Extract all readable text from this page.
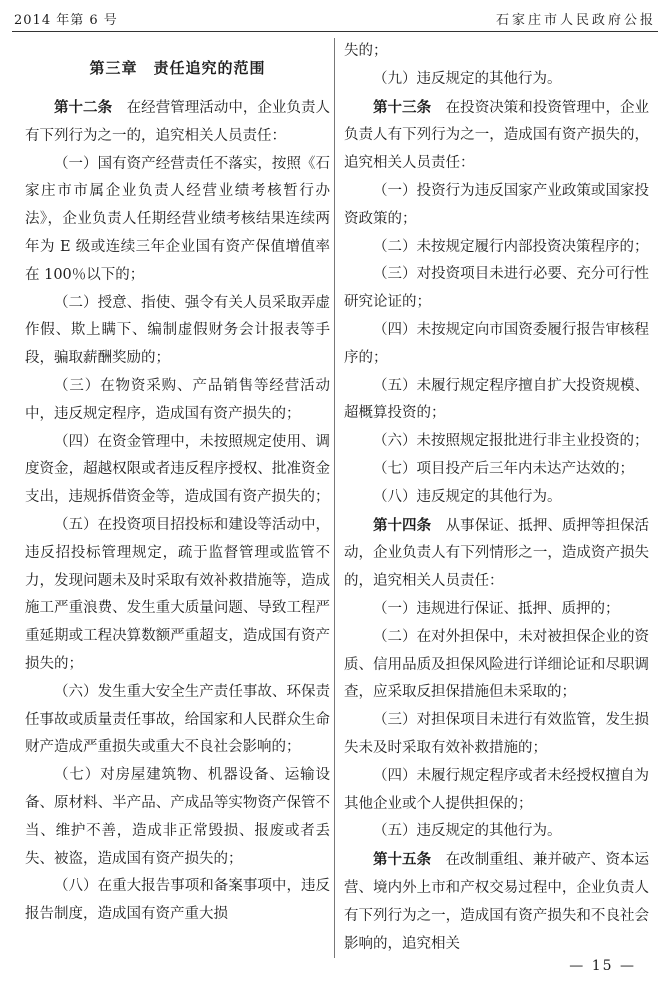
2014 年第 6 号	石家庄市人民政府公报
第三章　责任追究的范围

第十二条　 在经营管理活动中，企业负责人有下列行为之一的，追究相关人员责任：

（一）国有资产经营责任不落实，按照《石家庄市市属企业负责人经营业绩考核暂行办法》，企业负责人任期经营业绩考核结果连续两年为 E 级或连续三年企业国有资产保值增值率在 100％以下的；

（二）授意、指使、强令有关人员采取弄虚作假、欺上瞒下、编制虚假财务会计报表等手段，骗取薪酬奖励的；

（三）在物资采购、产品销售等经营活动中，违反规定程序，造成国有资产损失的；

（四）在资金管理中，未按照规定使用、调度资金，超越权限或者违反程序授权、批准资金支出，违规拆借资金等，造成国有资产损失的；

（五）在投资项目招投标和建设等活动中，违反招投标管理规定，疏于监督管理或监管不力，发现问题未及时采取有效补救措施等，造成施工严重浪费、发生重大质量问题、导致工程严重延期或工程决算数额严重超支，造成国有资产损失的；

（六）发生重大安全生产责任事故、环保责任事故或质量责任事故，给国家和人民群众生命财产造成严重损失或重大不良社会影响的；

（七）对房屋建筑物、机器设备、运输设备、原材料、半产品、产成品等实物资产保管不当、维护不善，造成非正常毁损、报废或者丢失、被盗，造成国有资产损失的；

（八）在重大报告事项和备案事项中，违反报告制度，造成国有资产重大损

失的；

（九）违反规定的其他行为。

第十三条　 在投资决策和投资管理中，企业负责人有下列行为之一，造成国有资产损失的，追究相关人员责任：

（一）投资行为违反国家产业政策或国家投资政策的；

（二）未按规定履行内部投资决策程序的；

（三）对投资项目未进行必要、充分可行性研究论证的；

（四）未按规定向市国资委履行报告审核程序的；

（五）未履行规定程序擅自扩大投资规模、超概算投资的；

（六）未按照规定报批进行非主业投资的；

（七）项目投产后三年内未达产达效的；

（八）违反规定的其他行为。

第十四条　 从事保证、抵押、质押等担保活动，企业负责人有下列情形之一，造成资产损失的，追究相关人员责任：

（一）违规进行保证、抵押、质押的；

（二）在对外担保中，未对被担保企业的资质、信用品质及担保风险进行详细论证和尽职调查，应采取反担保措施但未采取的；

（三）对担保项目未进行有效监管，发生损失未及时采取有效补救措施的；

（四）未履行规定程序或者未经授权擅自为其他企业或个人提供担保的；

（五）违反规定的其他行为。

第十五条　 在改制重组、兼并破产、资本运营、境内外上市和产权交易过程中，企业负责人有下列行为之一，造成国有资产损失和不良社会影响的，追究相关

— 15 —
